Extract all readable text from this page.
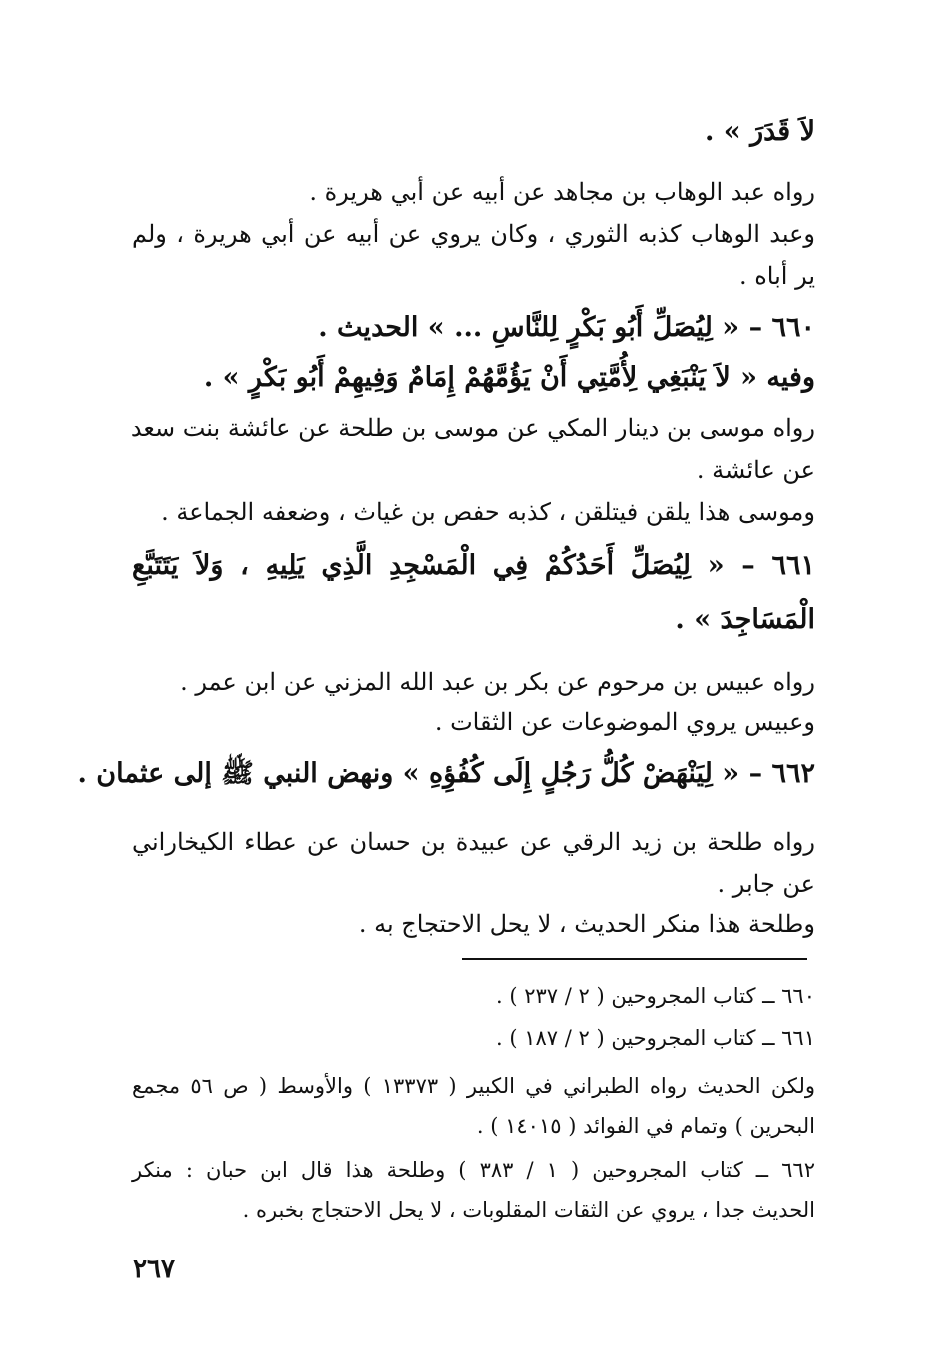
لاَ قَدَرَ » .
رواه عبد الوهاب بن مجاهد عن أبيه عن أبي هريرة .
وعبد الوهاب كذبه الثوري ، وكان يروي عن أبيه عن أبي هريرة ، ولم
ير أباه .
٦٦٠ – « لِيُصَلِّ أَبُو بَكْرٍ لِلنَّاسِ ... » الحديث .
وفيه « لاَ يَنْبَغِي لِأُمَّتِي أَنْ يَؤُمَّهُمْ إِمَامٌ وَفِيهِمْ أَبُو بَكْرٍ » .
رواه موسى بن دينار المكي عن موسى بن طلحة عن عائشة بنت سعد
عن عائشة .
وموسى هذا يلقن فيتلقن ، كذبه حفص بن غياث ، وضعفه الجماعة .
٦٦١ – « لِيُصَلِّ أَحَدُكُمْ فِي الْمَسْجِدِ الَّذِي يَلِيهِ ، وَلاَ يَتَتَبَّعِ
الْمَسَاجِدَ » .
رواه عبيس بن مرحوم عن بكر بن عبد الله المزني عن ابن عمر .
وعبيس يروي الموضوعات عن الثقات .
٦٦٢ – « لِيَنْهَضْ كُلُّ رَجُلٍ إِلَى كُفُؤِهِ » ونهض النبي ﷺ إلى عثمان .
رواه طلحة بن زيد الرقي عن عبيدة بن حسان عن عطاء الكيخاراني
عن جابر .
وطلحة هذا منكر الحديث ، لا يحل الاحتجاج به .
٦٦٠ ــ كتاب المجروحين ( ٢ / ٢٣٧ ) .
٦٦١ ــ كتاب المجروحين ( ٢ / ١٨٧ ) .
ولكن الحديث رواه الطبراني في الكبير ( ١٣٣٧٣ ) والأوسط ( ص ٥٦ مجمع
البحرين ) وتمام في الفوائد ( ١٤٠١٥ ) .
٦٦٢ ــ كتاب المجروحين ( ١ / ٣٨٣ ) وطلحة هذا قال ابن حبان : منكر
الحديث جدا ، يروي عن الثقات المقلوبات ، لا يحل الاحتجاج بخبره .
٢٦٧
